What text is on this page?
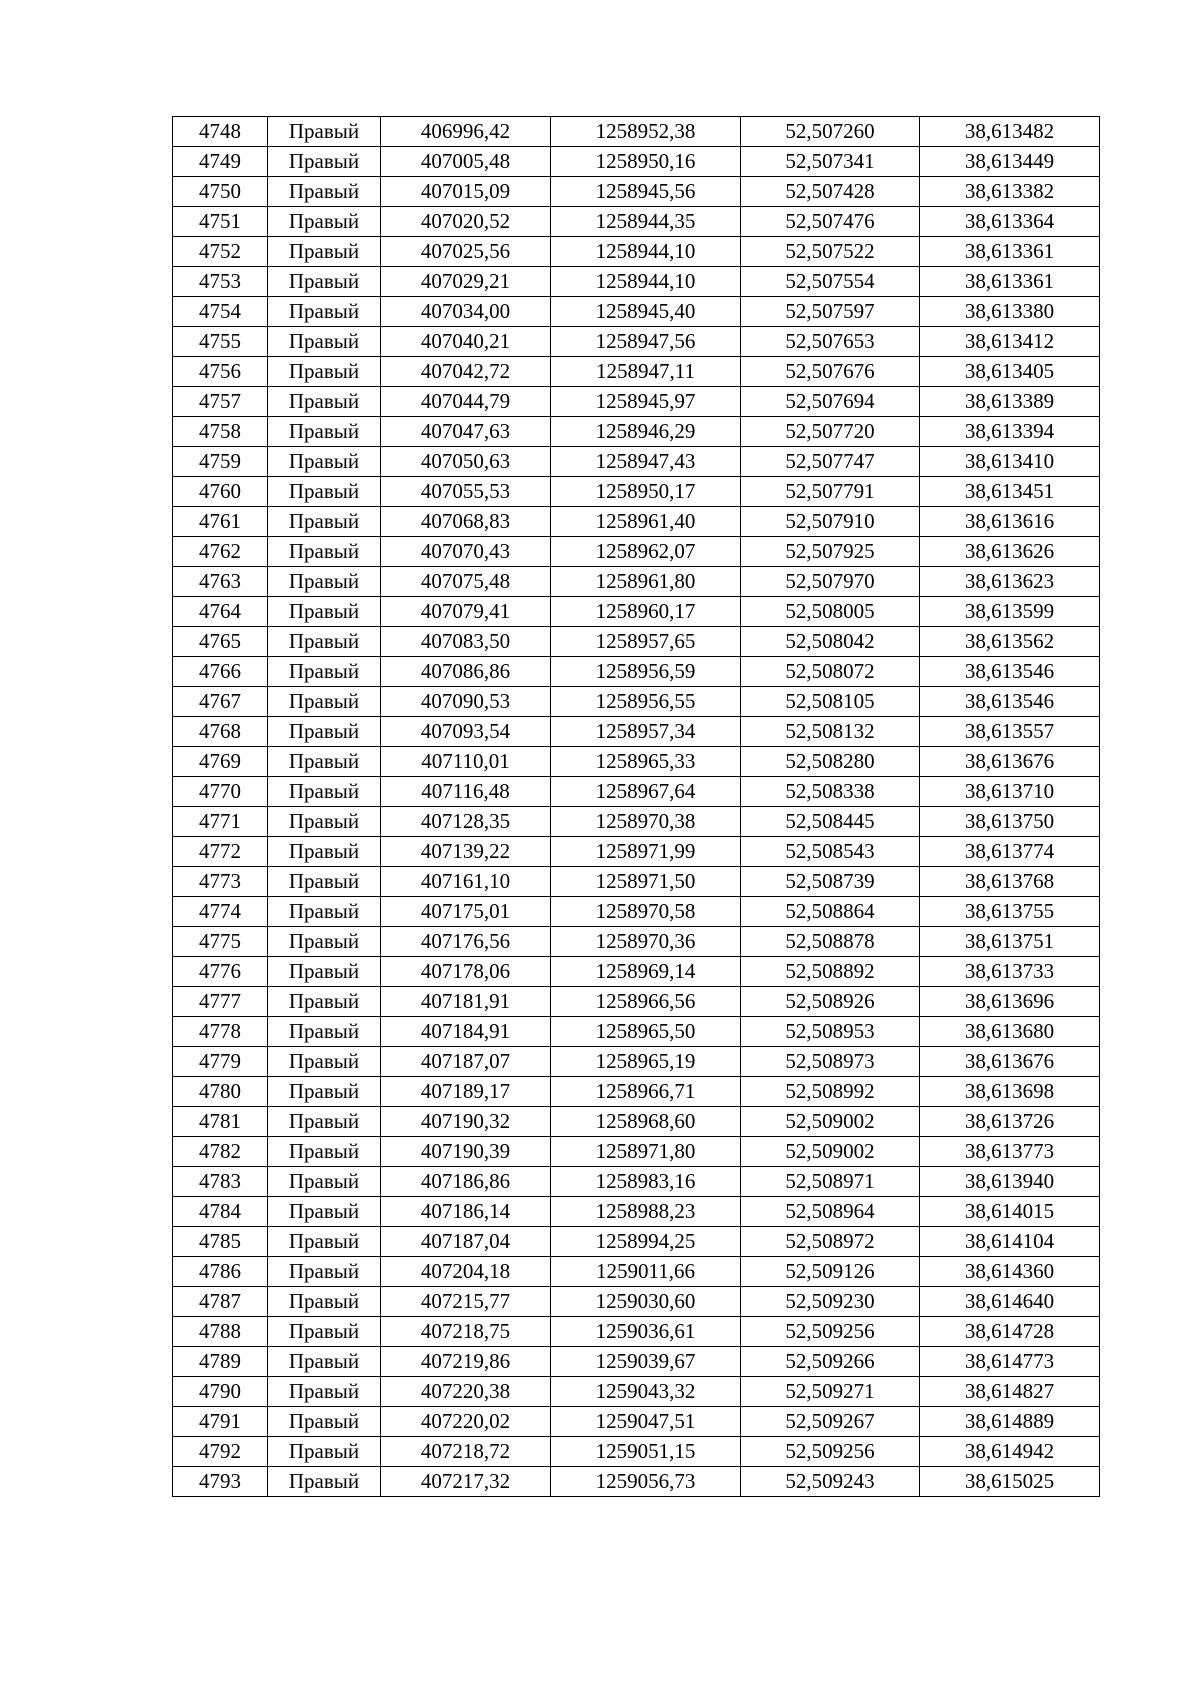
4748	Правый	406996,42	1258952,38	52,507260	38,613482
4749	Правый	407005,48	1258950,16	52,507341	38,613449
4750	Правый	407015,09	1258945,56	52,507428	38,613382
4751	Правый	407020,52	1258944,35	52,507476	38,613364
4752	Правый	407025,56	1258944,10	52,507522	38,613361
4753	Правый	407029,21	1258944,10	52,507554	38,613361
4754	Правый	407034,00	1258945,40	52,507597	38,613380
4755	Правый	407040,21	1258947,56	52,507653	38,613412
4756	Правый	407042,72	1258947,11	52,507676	38,613405
4757	Правый	407044,79	1258945,97	52,507694	38,613389
4758	Правый	407047,63	1258946,29	52,507720	38,613394
4759	Правый	407050,63	1258947,43	52,507747	38,613410
4760	Правый	407055,53	1258950,17	52,507791	38,613451
4761	Правый	407068,83	1258961,40	52,507910	38,613616
4762	Правый	407070,43	1258962,07	52,507925	38,613626
4763	Правый	407075,48	1258961,80	52,507970	38,613623
4764	Правый	407079,41	1258960,17	52,508005	38,613599
4765	Правый	407083,50	1258957,65	52,508042	38,613562
4766	Правый	407086,86	1258956,59	52,508072	38,613546
4767	Правый	407090,53	1258956,55	52,508105	38,613546
4768	Правый	407093,54	1258957,34	52,508132	38,613557
4769	Правый	407110,01	1258965,33	52,508280	38,613676
4770	Правый	407116,48	1258967,64	52,508338	38,613710
4771	Правый	407128,35	1258970,38	52,508445	38,613750
4772	Правый	407139,22	1258971,99	52,508543	38,613774
4773	Правый	407161,10	1258971,50	52,508739	38,613768
4774	Правый	407175,01	1258970,58	52,508864	38,613755
4775	Правый	407176,56	1258970,36	52,508878	38,613751
4776	Правый	407178,06	1258969,14	52,508892	38,613733
4777	Правый	407181,91	1258966,56	52,508926	38,613696
4778	Правый	407184,91	1258965,50	52,508953	38,613680
4779	Правый	407187,07	1258965,19	52,508973	38,613676
4780	Правый	407189,17	1258966,71	52,508992	38,613698
4781	Правый	407190,32	1258968,60	52,509002	38,613726
4782	Правый	407190,39	1258971,80	52,509002	38,613773
4783	Правый	407186,86	1258983,16	52,508971	38,613940
4784	Правый	407186,14	1258988,23	52,508964	38,614015
4785	Правый	407187,04	1258994,25	52,508972	38,614104
4786	Правый	407204,18	1259011,66	52,509126	38,614360
4787	Правый	407215,77	1259030,60	52,509230	38,614640
4788	Правый	407218,75	1259036,61	52,509256	38,614728
4789	Правый	407219,86	1259039,67	52,509266	38,614773
4790	Правый	407220,38	1259043,32	52,509271	38,614827
4791	Правый	407220,02	1259047,51	52,509267	38,614889
4792	Правый	407218,72	1259051,15	52,509256	38,614942
4793	Правый	407217,32	1259056,73	52,509243	38,615025
